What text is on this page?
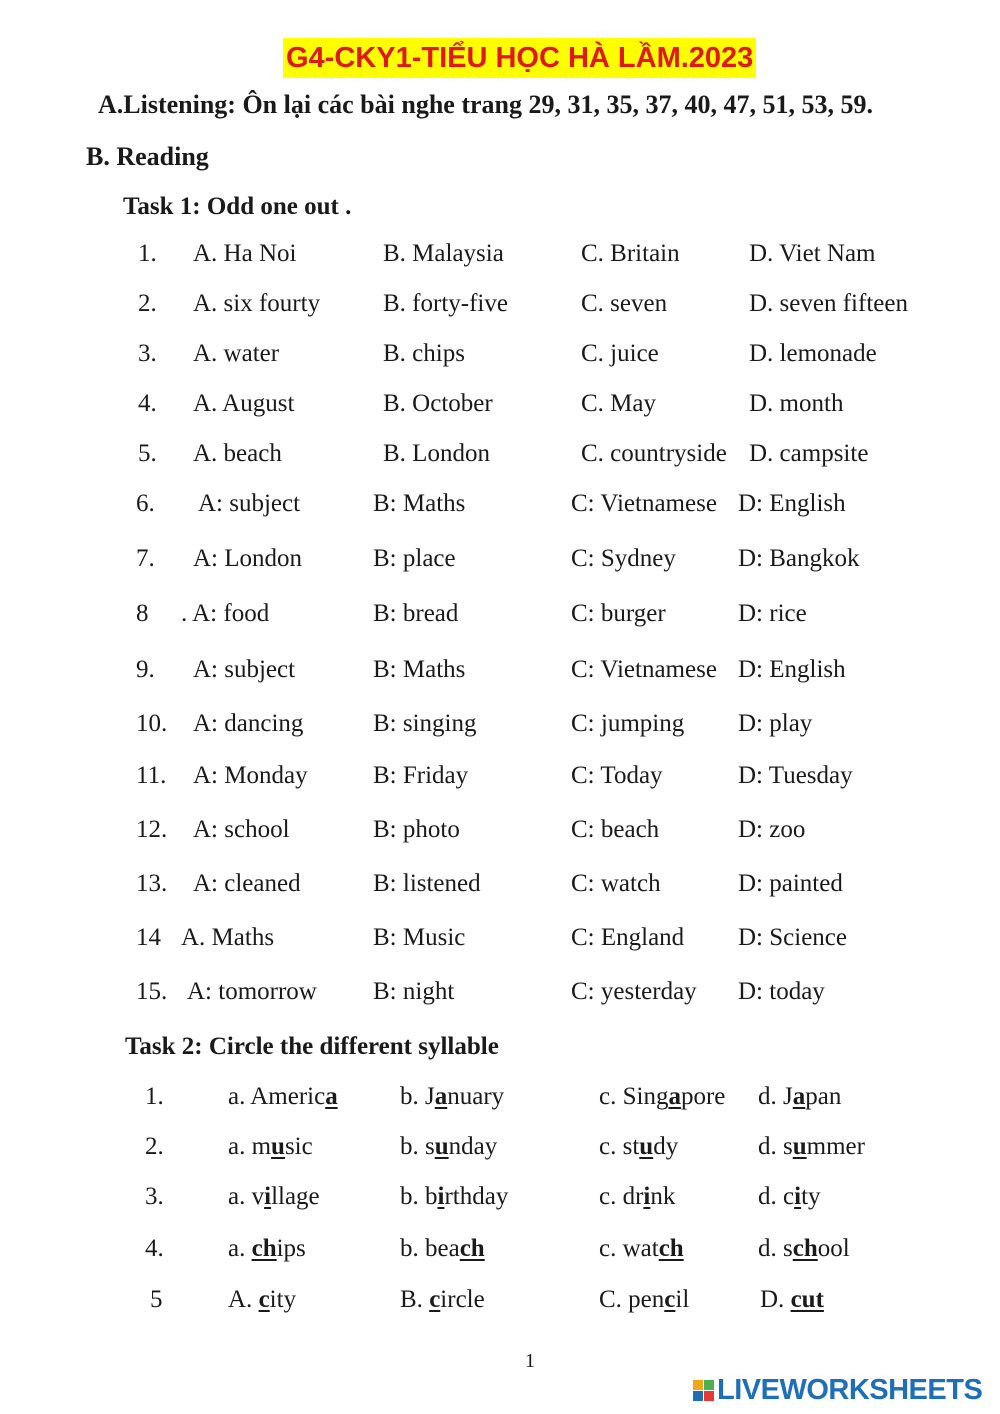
G4-CKY1-TIỂU HỌC HÀ LẦM.2023
A.Listening: Ôn lại các bài nghe trang 29, 31, 35, 37, 40, 47, 51, 53, 59.
B. Reading
Task 1: Odd one out .
1. A. Ha Noi	B. Malaysia	C. Britain	D. Viet Nam
2. A. six fourty	B. forty-five	C. seven	D. seven fifteen
3. A. water	B. chips	C. juice	D. lemonade
4. A. August	B. October	C. May	D. month
5. A. beach	B. London	C. countryside D. campsite
6. A: subject	B: Maths	C: Vietnamese D: English
7. A: London	B: place	C: Sydney D: Bangkok
8 . A: food	B: bread	C: burger	D: rice
9. A: subject	B: Maths	C: Vietnamese D: English
10. A: dancing	B: singing	C: jumping D: play
11. A: Monday	B: Friday	C: Today	D: Tuesday
12. A: school	B: photo	C: beach	D: zoo
13. A: cleaned	B: listened	C: watch	D: painted
14 A. Maths	B: Music	C: England D: Science
15. A: tomorrow B: night	C: yesterday D: today
Task 2: Circle the different syllable
1.	a. America b. January	c. Singapore d. Japan
2.	a. music	b. sunday	c. study	d. summer
3.	a. village	b. birthday	c. drink	d. city
4.	a. chips	b. beach	c. watch	d. school
5	A. city	B. circle	C. pencil	D. cut
1
LIVEWORKSHEETS
